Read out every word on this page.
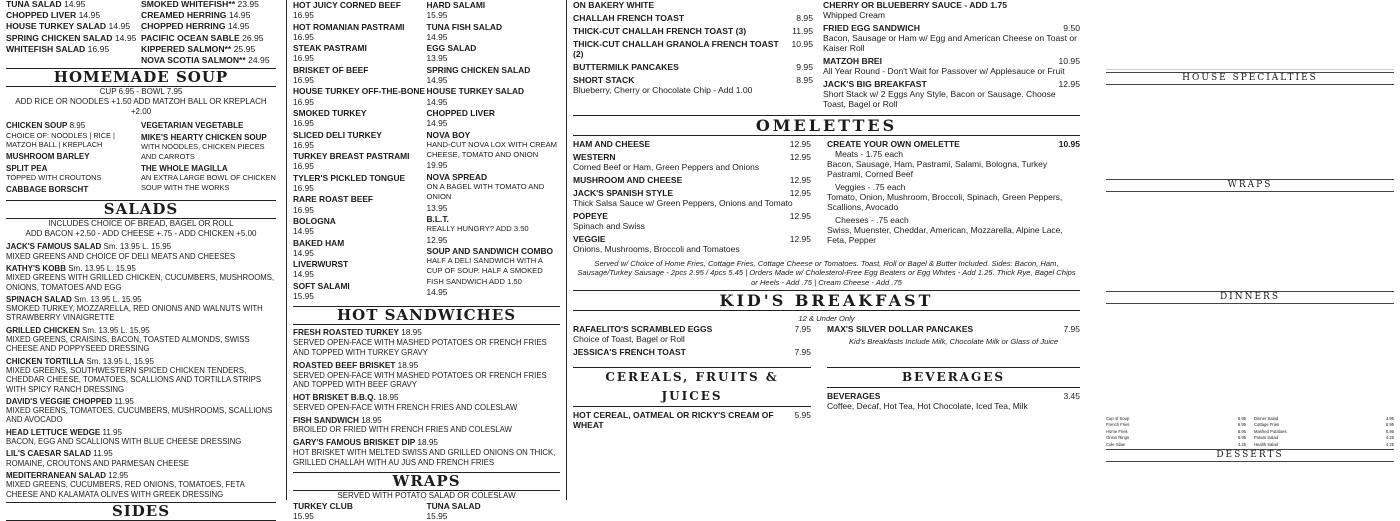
TUNA SALAD 14.95
CHOPPED LIVER 14.95
HOUSE TURKEY SALAD 14.95
SPRING CHICKEN SALAD 14.95
WHITEFISH SALAD 16.95
SMOKED WHITEFISH** 23.95
CREAMED HERRING 14.95
CHOPPED HERRING 14.95
PACIFIC OCEAN SABLE 26.95
KIPPERED SALMON** 25.95
NOVA SCOTIA SALMON** 24.95
HOMEMADE SOUP
CUP 6.95 - BOWL 7.95
ADD RICE OR NOODLES +1.50 ADD MATZOH BALL OR KREPLACH +2.00
CHICKEN SOUP 8.95
CHOICE OF: NOODLES | RICE | MATZOH BALL | KREPLACH
MUSHROOM BARLEY
SPLIT PEA
TOPPED WITH CROUTONS
CABBAGE BORSCHT
VEGETARIAN VEGETABLE
MIKE'S HEARTY CHICKEN SOUP
WITH NOODLES, CHICKEN PIECES AND CARROTS
THE WHOLE MAGILLA
AN EXTRA LARGE BOWL OF CHICKEN SOUP WITH THE WORKS
SALADS
INCLUDES CHOICE OF BREAD, BAGEL OR ROLL
ADD BACON +2.50 - ADD CHEESE +.75 - ADD CHICKEN +5.00
JACK'S FAMOUS SALAD Sm. 13.95 L. 15.95
MIXED GREENS AND CHOICE OF DELI MEATS AND CHEESES
KATHY'S KOBB Sm. 13.95 L. 15.95
MIXED GREENS WITH GRILLED CHICKEN, CUCUMBERS, MUSHROOMS, ONIONS, TOMATOES AND EGG
SPINACH SALAD Sm. 13.95 L. 15.95
SMOKED TURKEY, MOZZARELLA, RED ONIONS AND WALNUTS WITH STRAWBERRY VINAIGRETTE
GRILLED CHICKEN Sm. 13.95 L. 15.95
MIXED GREENS, CRAISINS, BACON, TOASTED ALMONDS, SWISS CHEESE AND POPPYSEED DRESSING
CHICKEN TORTILLA Sm. 13.95 L. 15.95
MIXED GREENS, SOUTHWESTERN SPICED CHICKEN TENDERS, CHEDDAR CHEESE, TOMATOES, SCALLIONS AND TORTILLA STRIPS WITH SPICY RANCH DRESSING
DAVID'S VEGGIE CHOPPED 11.95
MIXED GREENS, TOMATOES, CUCUMBERS, MUSHROOMS, SCALLIONS AND AVOCADO
HEAD LETTUCE WEDGE 11.95
BACON, EGG AND SCALLIONS WITH BLUE CHEESE DRESSING
LIL'S CAESAR SALAD 11.95
ROMAINE, CROUTONS AND PARMESAN CHEESE
MEDITERRANEAN SALAD 12.95
MIXED GREENS, CUCUMBERS, RED ONIONS, TOMATOES, FETA CHEESE AND KALAMATA OLIVES WITH GREEK DRESSING
SIDES
HOT JUICY CORNED BEEF
16.95
HOT ROMANIAN PASTRAMI
16.95
STEAK PASTRAMI
16.95
BRISKET OF BEEF
16.95
HOUSE TURKEY OFF-THE-BONE
16.95
SMOKED TURKEY
16.95
SLICED DELI TURKEY
16.95
TURKEY BREAST PASTRAMI
16.95
TYLER'S PICKLED TONGUE
16.95
RARE ROAST BEEF
16.95
BOLOGNA
14.95
BAKED HAM
14.95
LIVERWURST
14.95
SOFT SALAMI
15.95
HARD SALAMI
15.95
TUNA FISH SALAD
14.95
EGG SALAD
13.95
SPRING CHICKEN SALAD
14.95
HOUSE TURKEY SALAD
14.95
CHOPPED LIVER
14.95
NOVA BOY
HAND-CUT NOVA LOX WITH CREAM CHEESE, TOMATO AND ONION
19.95
NOVA SPREAD
ON A BAGEL WITH TOMATO AND ONION
13.95
B.L.T.
REALLY HUNGRY? ADD 3.50
12.95
SOUP AND SANDWICH COMBO
HALF A DELI SANDWICH WITH A CUP OF SOUP. HALF A SMOKED FISH SANDWICH ADD 1.50
14.95
HOT SANDWICHES
FRESH ROASTED TURKEY 18.95
SERVED OPEN-FACE WITH MASHED POTATOES OR FRENCH FRIES AND TOPPED WITH TURKEY GRAVY
ROASTED BEEF BRISKET 18.95
SERVED OPEN-FACE WITH MASHED POTATOES OR FRENCH FRIES AND TOPPED WITH BEEF GRAVY
HOT BRISKET B.B.Q. 18.95
SERVED OPEN-FACE WITH FRENCH FRIES AND COLESLAW
FISH SANDWICH 18.95
BROILED OR FRIED WITH FRENCH FRIES AND COLESLAW
GARY'S FAMOUS BRISKET DIP 18.95
HOT BRISKET WITH MELTED SWISS AND GRILLED ONIONS ON THICK, GRILLED CHALLAH WITH AU JUS AND FRENCH FRIES
WRAPS
SERVED WITH POTATO SALAD OR COLESLAW
TURKEY CLUB
15.95
TUNA SALAD
15.95
ON BAKERY WHITE
CHALLAH FRENCH TOAST	8.95
THICK-CUT CHALLAH FRENCH TOAST (3)	11.95
THICK-CUT CHALLAH GRANOLA FRENCH TOAST (2)
10.95
BUTTERMILK PANCAKES	9.95
SHORT STACK	8.95
Blueberry, Cherry or Chocolate Chip - Add 1.00
CHERRY OR BLUEBERRY SAUCE - ADD 1.75
Whipped Cream
FRIED EGG SANDWICH	9.50
Bacon, Sausage or Ham w/ Egg and American Cheese on Toast or Kaiser Roll
MATZOH BREI	10.95
All Year Round - Don't Wait for Passover w/ Applesauce or Fruit
JACK'S BIG BREAKFAST	12.95
Short Stack w/ 2 Eggs Any Style, Bacon or Sausage. Choose Toast, Bagel or Roll
OMELETTES
HAM AND CHEESE	12.95
WESTERN	12.95
Corned Beef or Ham, Green Peppers and Onions
MUSHROOM AND CHEESE	12.95
JACK'S SPANISH STYLE	12.95
Thick Salsa Sauce w/ Green Peppers, Onions and Tomato
POPEYE	12.95
Spinach and Swiss
VEGGIE	12.95
Onions, Mushrooms, Broccoli and Tomatoes
CREATE YOUR OWN OMELETTE	10.95
Meats - 1.75 each
Bacon, Sausage, Ham, Pastrami, Salami, Bologna, Turkey Pastrami, Corned Beef
Veggies - .75 each
Tomato, Onion, Mushroom, Broccoli, Spinach, Green Peppers, Scallions, Avocado
Cheeses - .75 each
Swiss, Muenster, Cheddar, American, Mozzarella, Alpine Lace, Feta, Pepper
Served w/ Choice of Home Fries, Cottage Fries, Cottage Cheese or Tomatoes. Toast, Roll or Bagel & Butter Included. Sides: Bacon, Ham, Sausage/Turkey Sausage - 2pcs 2.95 / 4pcs 5.45 | Orders Made w/ Cholesterol-Free Egg Beaters or Egg Whites - Add 1.25. Thick Rye, Bagel Chips or Heels - Add .75 | Cream Cheese - Add .75
KID'S BREAKFAST
12 & Under Only
RAFAELITO'S SCRAMBLED EGGS	7.95
Choice of Toast, Bagel or Roll
JESSICA'S FRENCH TOAST	7.95
MAX'S SILVER DOLLAR PANCAKES	7.95
Kid's Breakfasts Include Milk, Chocolate Milk or Glass of Juice
CEREALS, FRUITS & JUICES
HOT CEREAL, OATMEAL OR RICKY'S CREAM OF WHEAT
5.95
BEVERAGES
BEVERAGES	3.45
Coffee, Decaf, Hot Tea, Hot Chocolate, Iced Tea, Milk
HOUSE SPECIALTIES
WRAPS
DINNERS
Cup of Soup	5.95 Dinner Salad	4.95
French Fries	6.95 Cottage Fries	6.95
Home Fries	6.95 Mashed Potatoes	5.95
Onion Rings	5.95 Potato Salad	4.25
Cole Slaw	4.25 Health Salad	4.25
DESSERTS
